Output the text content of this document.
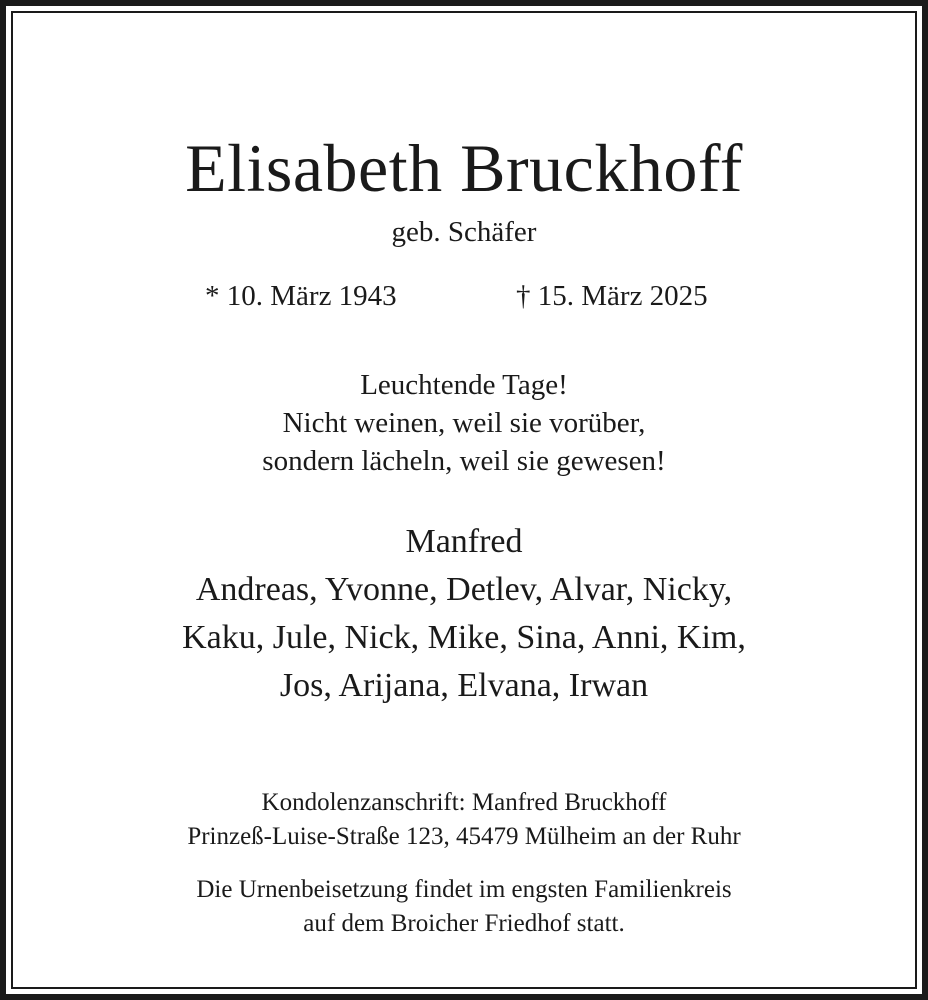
Elisabeth Bruckhoff
geb. Schäfer
* 10. März 1943	† 15. März 2025
Leuchtende Tage!
Nicht weinen, weil sie vorüber,
sondern lächeln, weil sie gewesen!
Manfred
Andreas, Yvonne, Detlev, Alvar, Nicky,
Kaku, Jule, Nick, Mike, Sina, Anni, Kim,
Jos, Arijana, Elvana, Irwan
Kondolenzanschrift: Manfred Bruckhoff
Prinzeß-Luise-Straße 123, 45479 Mülheim an der Ruhr
Die Urnenbeisetzung findet im engsten Familienkreis
auf dem Broicher Friedhof statt.
